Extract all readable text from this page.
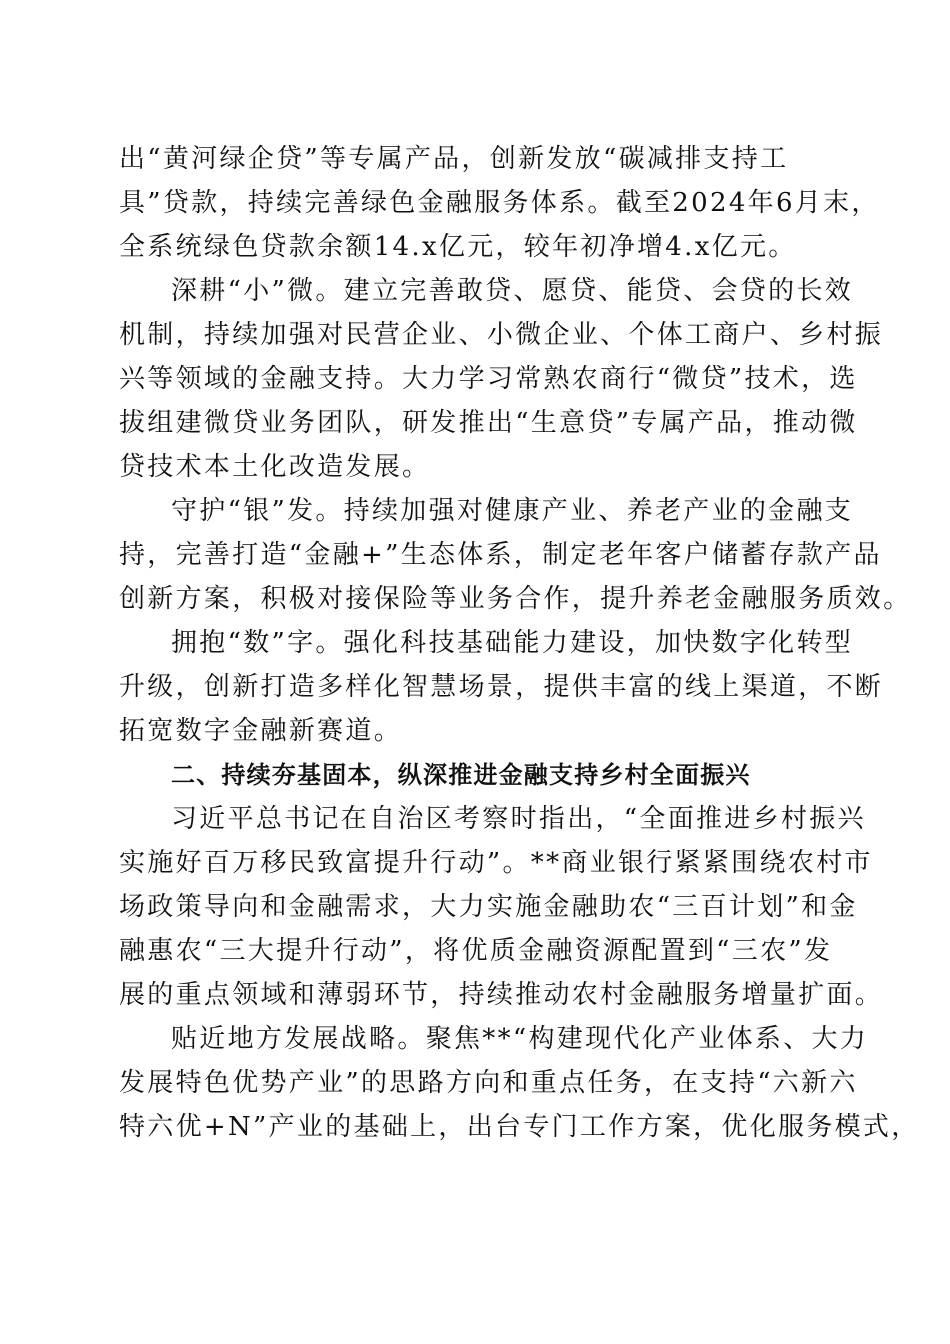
出“黄河绿企贷”等专属产品，创新发放“碳减排支持工
具”贷款，持续完善绿色金融服务体系。截至2024年6月末，
全系统绿色贷款余额14.x亿元，较年初净增4.x亿元。

深耕“小”微。建立完善敢贷、愿贷、能贷、会贷的长效
机制，持续加强对民营企业、小微企业、个体工商户、乡村振
兴等领域的金融支持。大力学习常熟农商行“微贷”技术，选
拔组建微贷业务团队，研发推出“生意贷”专属产品，推动微
贷技术本土化改造发展。

守护“银”发。持续加强对健康产业、养老产业的金融支
持，完善打造“金融+”生态体系，制定老年客户储蓄存款产品
创新方案，积极对接保险等业务合作，提升养老金融服务质效。

拥抱“数”字。强化科技基础能力建设，加快数字化转型
升级，创新打造多样化智慧场景，提供丰富的线上渠道，不断
拓宽数字金融新赛道。

二、持续夯基固本，纵深推进金融支持乡村全面振兴

习近平总书记在自治区考察时指出，“全面推进乡村振兴
实施好百万移民致富提升行动”。**商业银行紧紧围绕农村市
场政策导向和金融需求，大力实施金融助农“三百计划”和金
融惠农“三大提升行动”，将优质金融资源配置到“三农”发
展的重点领域和薄弱环节，持续推动农村金融服务增量扩面。

贴近地方发展战略。聚焦**“构建现代化产业体系、大力
发展特色优势产业”的思路方向和重点任务，在支持“六新六
特六优+N”产业的基础上，出台专门工作方案，优化服务模式，
